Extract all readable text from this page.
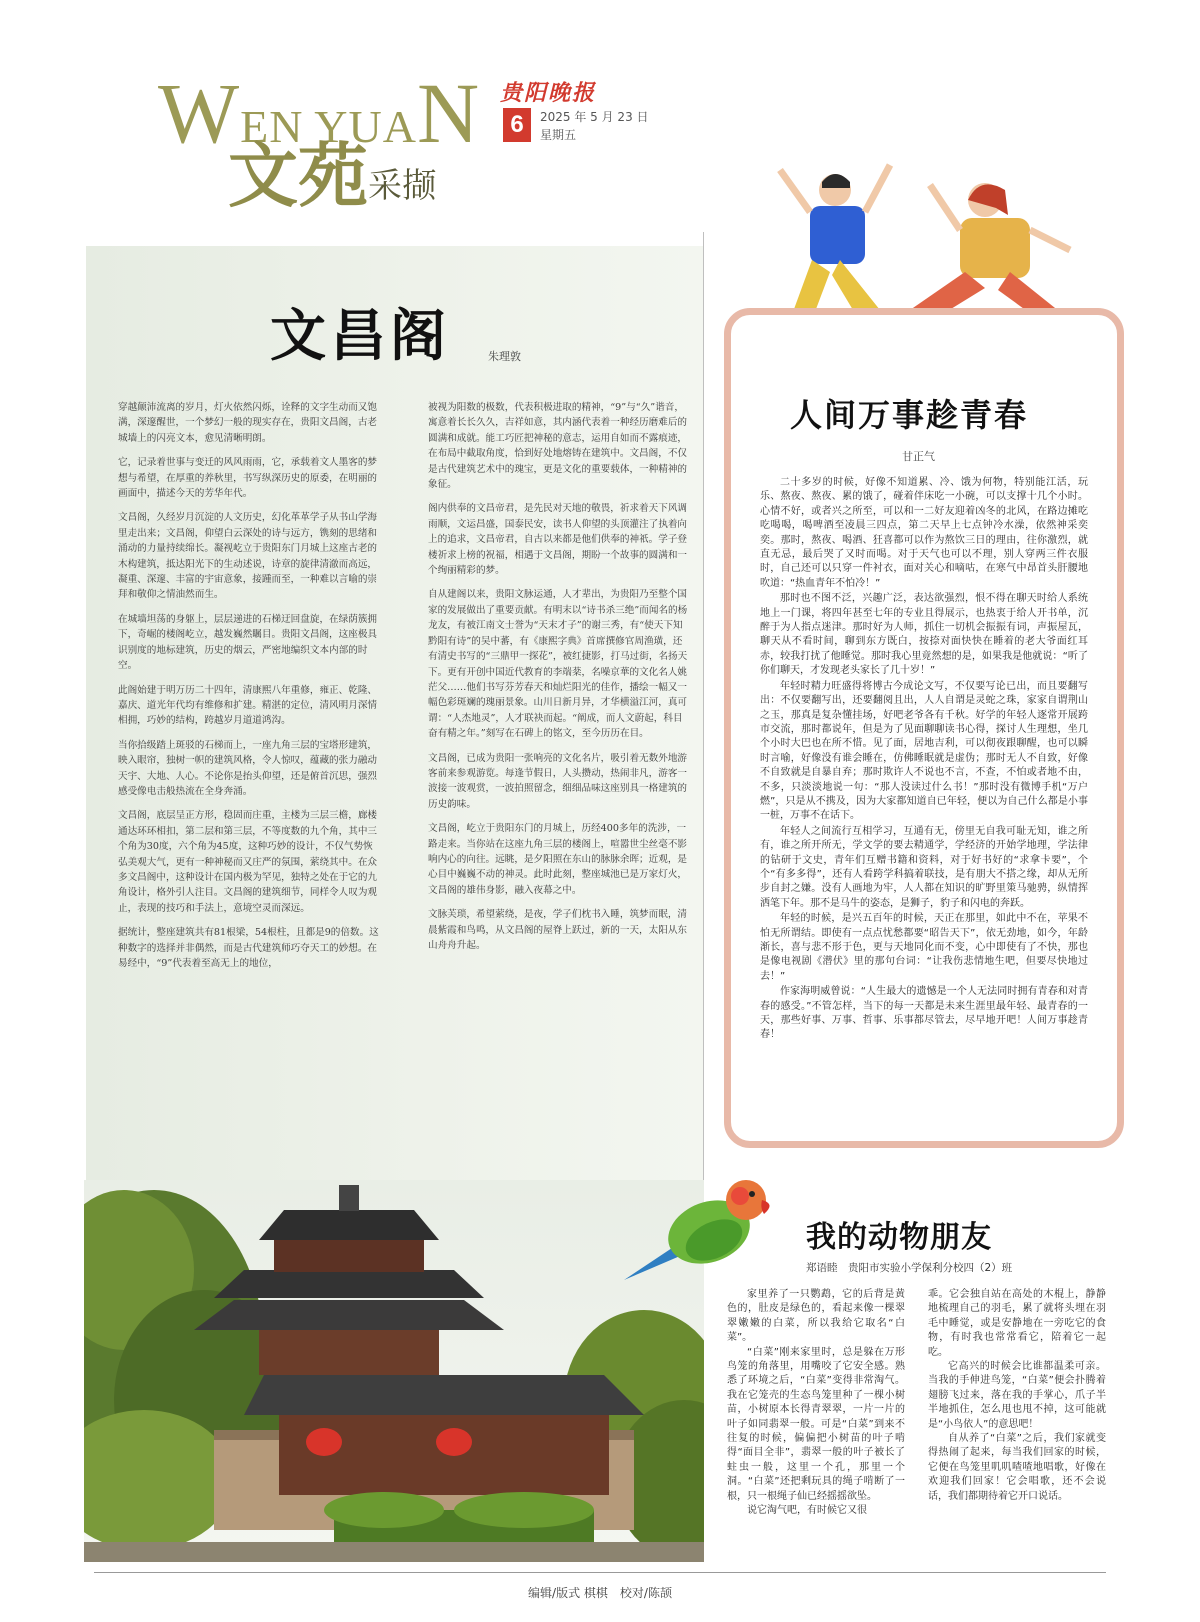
WEN YUAN
文苑 采撷
贵阳晚报
6	2025 年 5 月 23 日
星期五
文昌阁	朱理敦

穿越颠沛流离的岁月，灯火依然闪烁，诠释的文字生动而又饱满，深邃醒世，一个梦幻一般的现实存在，贵阳文昌阁，古老城墙上的闪亮文本，愈见清晰明朗。

它，记录着世事与变迁的风风雨雨，它，承载着文人墨客的梦想与希望，在厚重的养秋里，书写纵深历史的原委，在明丽的画面中，描述今天的芳华年代。

文昌阁，久经岁月沉淀的人文历史，幻化革革学子从书山学海里走出来；文昌阁，仰望白云深处的诗与远方，镌刻的思绪和涌动的力量持续绵长。凝视屹立于贵阳东门月城上这座古老的木构建筑，抵达阳光下的生动述说，诗章的旋律清澈而高远，凝重、深邃、丰富的宇宙意象，接踵而至，一种难以言喻的崇拜和敬仰之情油然而生。

在城墙坦荡的身躯上，层层递进的石梯迂回盘旋，在绿荫簇拥下，奇崛的楼阁屹立，越发巍然瞩目。贵阳文昌阁，这座极具识别度的地标建筑，历史的烟云，严密地编织文本内部的时空。

此阁始建于明万历二十四年，清康熙八年重修，雍正、乾隆、嘉庆、道光年代均有维修和扩建。精湛的定位，清风明月深情相拥，巧妙的结构，跨越岁月道道鸿沟。

当你拾级踏上斑驳的石梯而上，一座九角三层的宝塔形建筑，映入眼帘，独树一帜的建筑风格，令人惊叹，蕴藏的张力融动天宇、大地、人心。不论你是抬头仰望，还是俯首沉思，强烈感受像电击般热流在全身奔涌。

文昌阁，底层呈正方形，稳固而庄重，主楼为三层三檐，廊楼通达环环相扣，第二层和第三层，不等度数的九个角，其中三个角为30度，六个角为45度，这种巧妙的设计，不仅气势恢弘美观大气，更有一种神秘而又庄严的氛围，萦绕其中。在众多文昌阁中，这种设计在国内极为罕见，独特之处在于它的九角设计，格外引人注目。文昌阁的建筑细节，同样令人叹为观止，表现的技巧和手法上，意境空灵而深远。

据统计，整座建筑共有81根梁，54根柱，且都是9的倍数。这种数字的选择并非偶然，而是古代建筑师巧夺天工的妙想。在易经中，“9”代表着至高无上的地位，

被视为阳数的极数，代表积极进取的精神，“9”与“久”谐音，寓意着长长久久，吉祥如意，其内涵代表着一种经历磨难后的圆满和成就。能工巧匠把神秘的意志，运用自如而不露痕迹，在布局中截取角度，恰到好处地熔铸在建筑中。文昌阁，不仅是古代建筑艺术中的瑰宝，更是文化的重要载体，一种精神的象征。

阁内供奉的文昌帝君，是先民对天地的敬畏，祈求着天下风调雨顺，文运昌盛，国泰民安，读书人仰望的头顶灌注了执着向上的追求，文昌帝君，自古以来都是他们供奉的神祇。学子登楼祈求上榜的祝福，相遇于文昌阁，期盼一个故事的圆满和一个绚丽精彩的梦。

自从建阁以来，贵阳文脉运通，人才辈出，为贵阳乃至整个国家的发展做出了重要贡献。有明末以“诗书杀三绝”而闻名的杨龙友，有被江南文士誉为“天末才子”的谢三秀，有“使天下知黔阳有诗”的吴中蕃，有《康熙字典》首席撰修官周渔璜，还有清史书写的“三鼎甲一探花”，被红捷影，打马过街，名扬天下。更有开创中国近代教育的李端棻，名噪京華的文化名人姚茫父……他们书写芬芳春天和灿烂阳光的佳作，播绘一幅又一幅色彩斑斓的瑰丽景象。山川日新月异，才华横溢江河，真可谓：“人杰地灵”，人才联袂而起。“阐成，而人文蔚起，科目奋有精之年。”刻写在石碑上的铭文，至今历历在目。

文昌阁，已成为贵阳一张响亮的文化名片，吸引着无数外地游客前来参观游览。每逢节假日，人头攒动，热闹非凡，游客一波接一波观赏，一波拍照留念，细细品味这座别具一格建筑的历史韵味。

文昌阁，屹立于贵阳东门的月城上，历经400多年的洗涉，一路走来。当你站在这座九角三层的楼阁上，喧嚣世尘丝毫不影响内心的向往。远眺，是夕阳照在东山的脉脉余晖；近观，是心目中巍巍不动的神灵。此时此刻，整座城池已是万家灯火，文昌阁的雄伟身影，融入夜幕之中。

文脉芙琐，希望萦绕，是夜，学子们枕书入睡，筑梦而眠，清晨紫霞和鸟鸣，从文昌阁的屋脊上跃过，新的一天，太阳从东山舟舟升起。

人间万事趁青春
甘正气

二十多岁的时候，好像不知道累、冷、饿为何物，特别能江活，玩乐、熬夜、熬夜、累的饿了，碰着伴床吃一小碗，可以支撑十几个小时。心情不好，或者兴之所至，可以和一二好友迎着凶冬的北风，在路边摊吃吃喝喝，喝啤酒至凌晨三四点，第二天早上七点钟冷水澡，依然神采奕奕。那时，熬夜、喝酒、狂喜都可以作为熬饮三日的理由，往你激烈，就直无忌，最后哭了又时而喝。对于天气也可以不理，别人穿两三件衣服时，自己还可以只穿一件衬衣，面对关心和嘀咕，在寒气中昂首头肝腰地吹道：“热血青年不怕冷！”

那时也不图不泛，兴趣广泛，表达欲强烈，恨不得在聊天时给人系统地上一门课，将四年甚至七年的专业且得展示，也热衷于给人开书单，沉醉于为人指点迷津。那时好为人师，抓住一切机会振振有词，声振屋瓦，聊天从不看时间，聊到东方既白，按捺对面快快在睡着的老大爷面红耳赤，较我打扰了他睡觉。那时我心里竟然想的是，如果我是他就说：“听了你们聊天，才发现老头家长了几十岁！”

年轻时精力旺盛得将博古今成论文写，不仅要写论已出，而且要翻写出：不仅要翻写出，还要翻阅且出，人人自谓是灵蛇之珠，家家自谓荆山之玉，那真是复杂懂挂场，好吧老爷各有千秋。好学的年轻人逐常开展跨市交流，那时都说年，但是为了见面聊聊读书心得，探讨人生理想，坐几个小时大巴也在所不惜。见了面，居地吉利，可以彻夜跟聊醒，也可以瞬时言喻，好像没有谁会睡在，仿佛睡眠就是虚伪；那时无人不自致，好像不自致就是自暴自弃；那时欺许人不说也不言，不查，不怕或者地不由，不多，只淡淡地说一句：“那人没读过什么书！”那时没有微博手机“万户燃”，只是从不携及，因为大家都知道自已年轻，便以为自己什么都是小事一桩，万事不在话下。

年轻人之间流行互相学习，互通有无，傍里无自我可耻无知，谁之所有，谁之所开所无，学文学的要去精通学，学经济的开始学地理，学法律的钻研于文史，青年们互赠书籍和资料，对于好书好的“求拿卡要”，个个“有多多得”，还有人看跨学科搞着联技，是有朋大不搭之缘，却从无所步自封之嫌。没有人画地为牢，人人都在知识的旷野里策马驰骋，纵情挥洒笔下年。那不是马牛的姿态，是狮子，豹子和闪电的奔跃。

年轻的时候，是兴五百年的时候，天正在那里，如此中不在，苹果不怕无所谓结。即使有一点点忧愁都要“昭告天下”，依无劲地，如今，年龄渐长，喜与悲不形于色，更与天地同化而不变，心中即使有了不快，那也是像电视剧《潜伏》里的那句台词：“让我伤悲情地生吧，但要尽快地过去！”

作家海明威曾说：“人生最大的遗憾是一个人无法同时拥有青春和对青春的感受。”不管怎样，当下的每一天都是未来生涯里最年轻、最青春的一天，那些好事、万事、哲事、乐事都尽管去，尽早地开吧！人间万事趁青春！

我的动物朋友
郑语睦　贵阳市实验小学保利分校四（2）班

家里养了一只鹦鹉，它的后背是黄色的，肚皮是绿色的，看起来像一棵翠翠嫩嫩的白菜，所以我给它取名“白菜”。

“白菜”刚来家里时，总是躲在万形鸟笼的角落里，用嘴咬了它安全感。熟悉了环境之后，“白菜”变得非常淘气。我在它笼壳的生态鸟笼里种了一棵小树苗，小树原本长得青翠翠，一片一片的叶子如同翡翠一般。可是“白菜”到来不往复的时候，偏偏把小树苗的叶子啃得“面目全非”，翡翠一般的叶子被长了蛀虫一般，这里一个孔，那里一个洞。“白菜”还把剩玩具的绳子啃断了一根，只一根绳子仙已经摇摇欲坠。

说它淘气吧，有时候它又很

乖。它会独自站在高处的木棍上，静静地梳理自己的羽毛，累了就将头埋在羽毛中睡觉，或是安静地在一旁吃它的食物，有时我也常常看它，陪着它一起吃。

它高兴的时候会比谁都温柔可亲。当我的手伸进鸟笼，“白菜”便会扑腾着翅膀飞过来，落在我的手掌心，爪子半半地抓住，怎么甩也甩不掉，这可能就是“小鸟依人”的意思吧！

自从养了“白菜”之后，我们家就变得热闹了起来，每当我们回家的时候，它便在鸟笼里叽叽喳喳地唱歌，好像在欢迎我们回家！它会唱歌，还不会说话，我们都期待着它开口说话。

编辑/版式 棋棋　校对/陈颉
